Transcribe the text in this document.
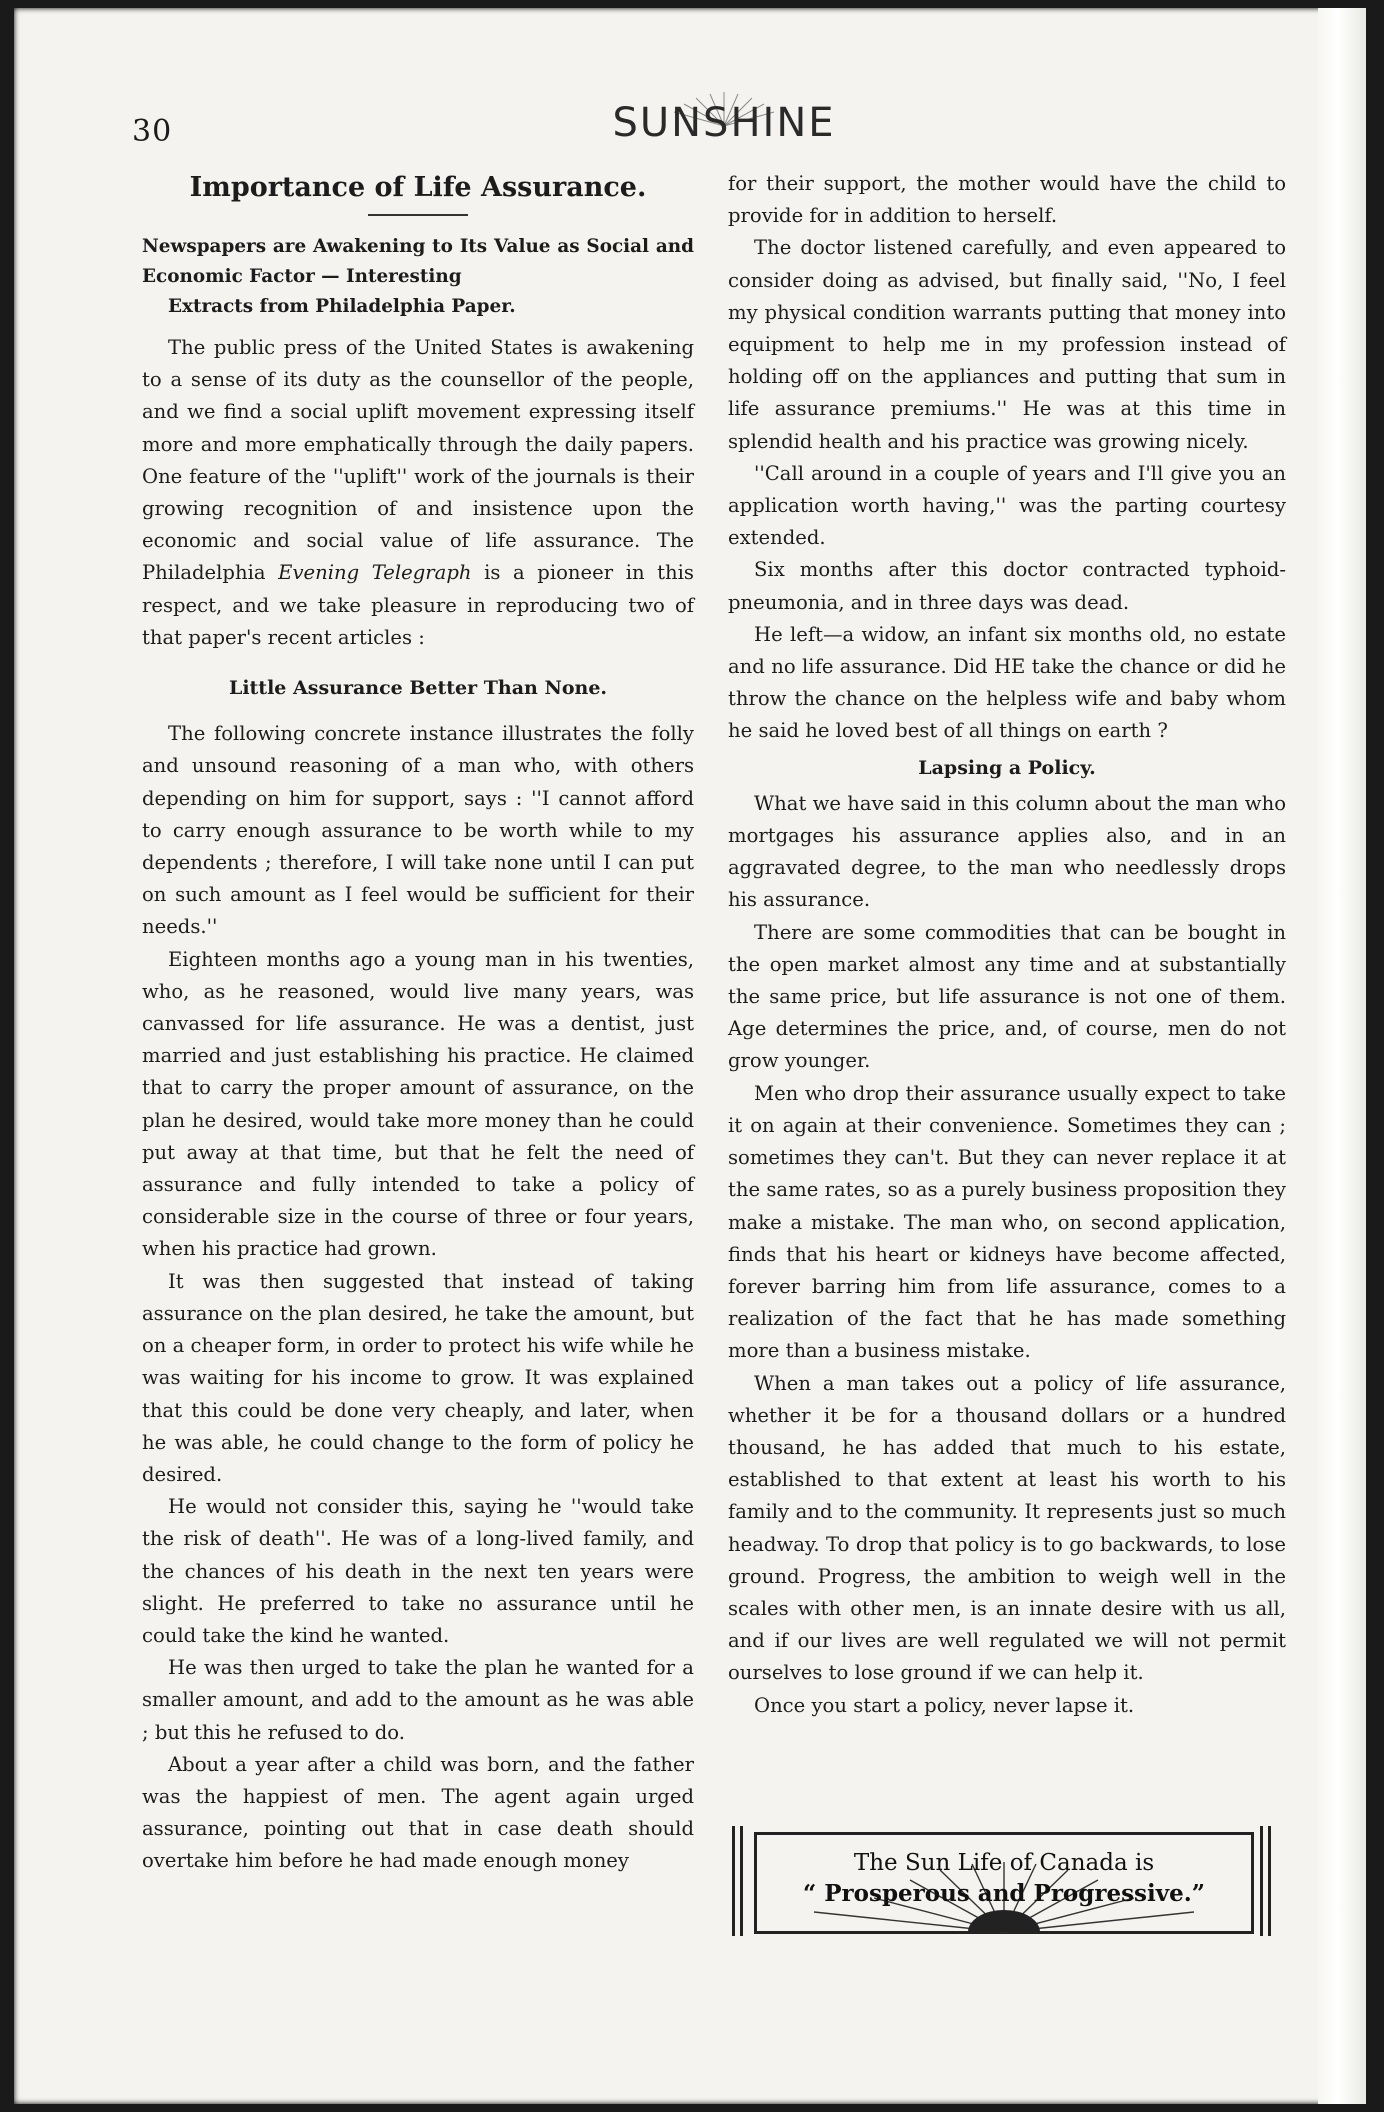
30	SUNSHINE
Importance of Life Assurance.
Newspapers are Awakening to Its Value as Social and Economic Factor — Interesting
Extracts from Philadelphia Paper.

The public press of the United States is awakening to a sense of its duty as the counsellor of the people, and we find a social uplift movement expressing itself more and more emphatically through the daily papers. One feature of the ''uplift'' work of the journals is their growing recognition of and insistence upon the economic and social value of life assurance. The Philadelphia Evening Telegraph is a pioneer in this respect, and we take pleasure in reproducing two of that paper's recent articles :

Little Assurance Better Than None.

The following concrete instance illustrates the folly and unsound reasoning of a man who, with others depending on him for support, says : ''I cannot afford to carry enough assurance to be worth while to my dependents ; therefore, I will take none until I can put on such amount as I feel would be sufficient for their needs.''

Eighteen months ago a young man in his twenties, who, as he reasoned, would live many years, was canvassed for life assurance. He was a dentist, just married and just establishing his practice. He claimed that to carry the proper amount of assurance, on the plan he desired, would take more money than he could put away at that time, but that he felt the need of assurance and fully intended to take a policy of considerable size in the course of three or four years, when his practice had grown.

It was then suggested that instead of taking assurance on the plan desired, he take the amount, but on a cheaper form, in order to protect his wife while he was waiting for his income to grow. It was explained that this could be done very cheaply, and later, when he was able, he could change to the form of policy he desired.

He would not consider this, saying he ''would take the risk of death''. He was of a long-lived family, and the chances of his death in the next ten years were slight. He preferred to take no assurance until he could take the kind he wanted.

He was then urged to take the plan he wanted for a smaller amount, and add to the amount as he was able ; but this he refused to do.

About a year after a child was born, and the father was the happiest of men. The agent again urged assurance, pointing out that in case death should overtake him before he had made enough money

for their support, the mother would have the child to provide for in addition to herself.

The doctor listened carefully, and even appeared to consider doing as advised, but finally said, ''No, I feel my physical condition warrants putting that money into equipment to help me in my profession instead of holding off on the appliances and putting that sum in life assurance premiums.'' He was at this time in splendid health and his practice was growing nicely.

''Call around in a couple of years and I'll give you an application worth having,'' was the parting courtesy extended.

Six months after this doctor contracted typhoid-pneumonia, and in three days was dead.

He left—a widow, an infant six months old, no estate and no life assurance. Did HE take the chance or did he throw the chance on the helpless wife and baby whom he said he loved best of all things on earth ?

Lapsing a Policy.

What we have said in this column about the man who mortgages his assurance applies also, and in an aggravated degree, to the man who needlessly drops his assurance.

There are some commodities that can be bought in the open market almost any time and at substantially the same price, but life assurance is not one of them. Age determines the price, and, of course, men do not grow younger.

Men who drop their assurance usually expect to take it on again at their convenience. Sometimes they can ; sometimes they can't. But they can never replace it at the same rates, so as a purely business proposition they make a mistake. The man who, on second application, finds that his heart or kidneys have become affected, forever barring him from life assurance, comes to a realization of the fact that he has made something more than a business mistake.

When a man takes out a policy of life assurance, whether it be for a thousand dollars or a hundred thousand, he has added that much to his estate, established to that extent at least his worth to his family and to the community. It represents just so much headway. To drop that policy is to go backwards, to lose ground. Progress, the ambition to weigh well in the scales with other men, is an innate desire with us all, and if our lives are well regulated we will not permit ourselves to lose ground if we can help it.

Once you start a policy, never lapse it.

The Sun Life of Canada is
“ Prosperous and Progressive.”
